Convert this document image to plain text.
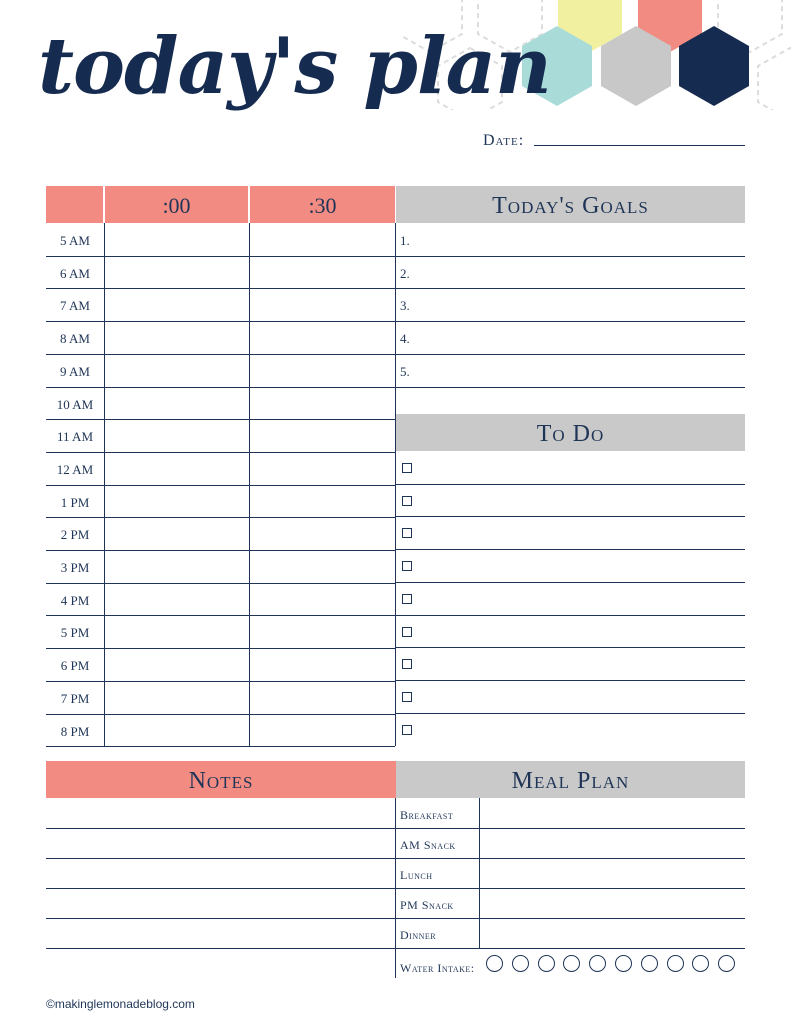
today's plan
Date:
:00	:30
5 AM
6 AM
7 AM
8 AM
9 AM
10 AM
11 AM
12 AM
1 PM
2 PM
3 PM
4 PM
5 PM
6 PM
7 PM
8 PM
Today's Goals
1.
2.
3.
4.
5.
To Do
Notes	Meal Plan
Breakfast
AM Snack
Lunch
PM Snack
Dinner
Water Intake:
©makinglemonadeblog.com
